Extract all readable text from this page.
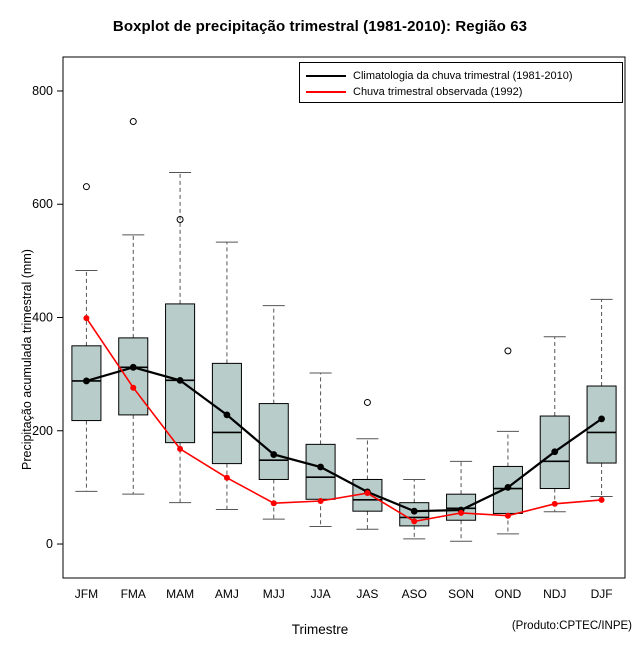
Boxplot de precipitação trimestral (1981-2010): Região 63
0
200
400
600
800
JFM FMA MAM AMJ MJJ JJA JAS ASO SON OND NDJ DJF
Precipitação acumulada trimestral (mm)
Trimestre	(Produto:CPTEC/INPE)
Climatologia da chuva trimestral (1981-2010)
Chuva trimestral observada (1992)
